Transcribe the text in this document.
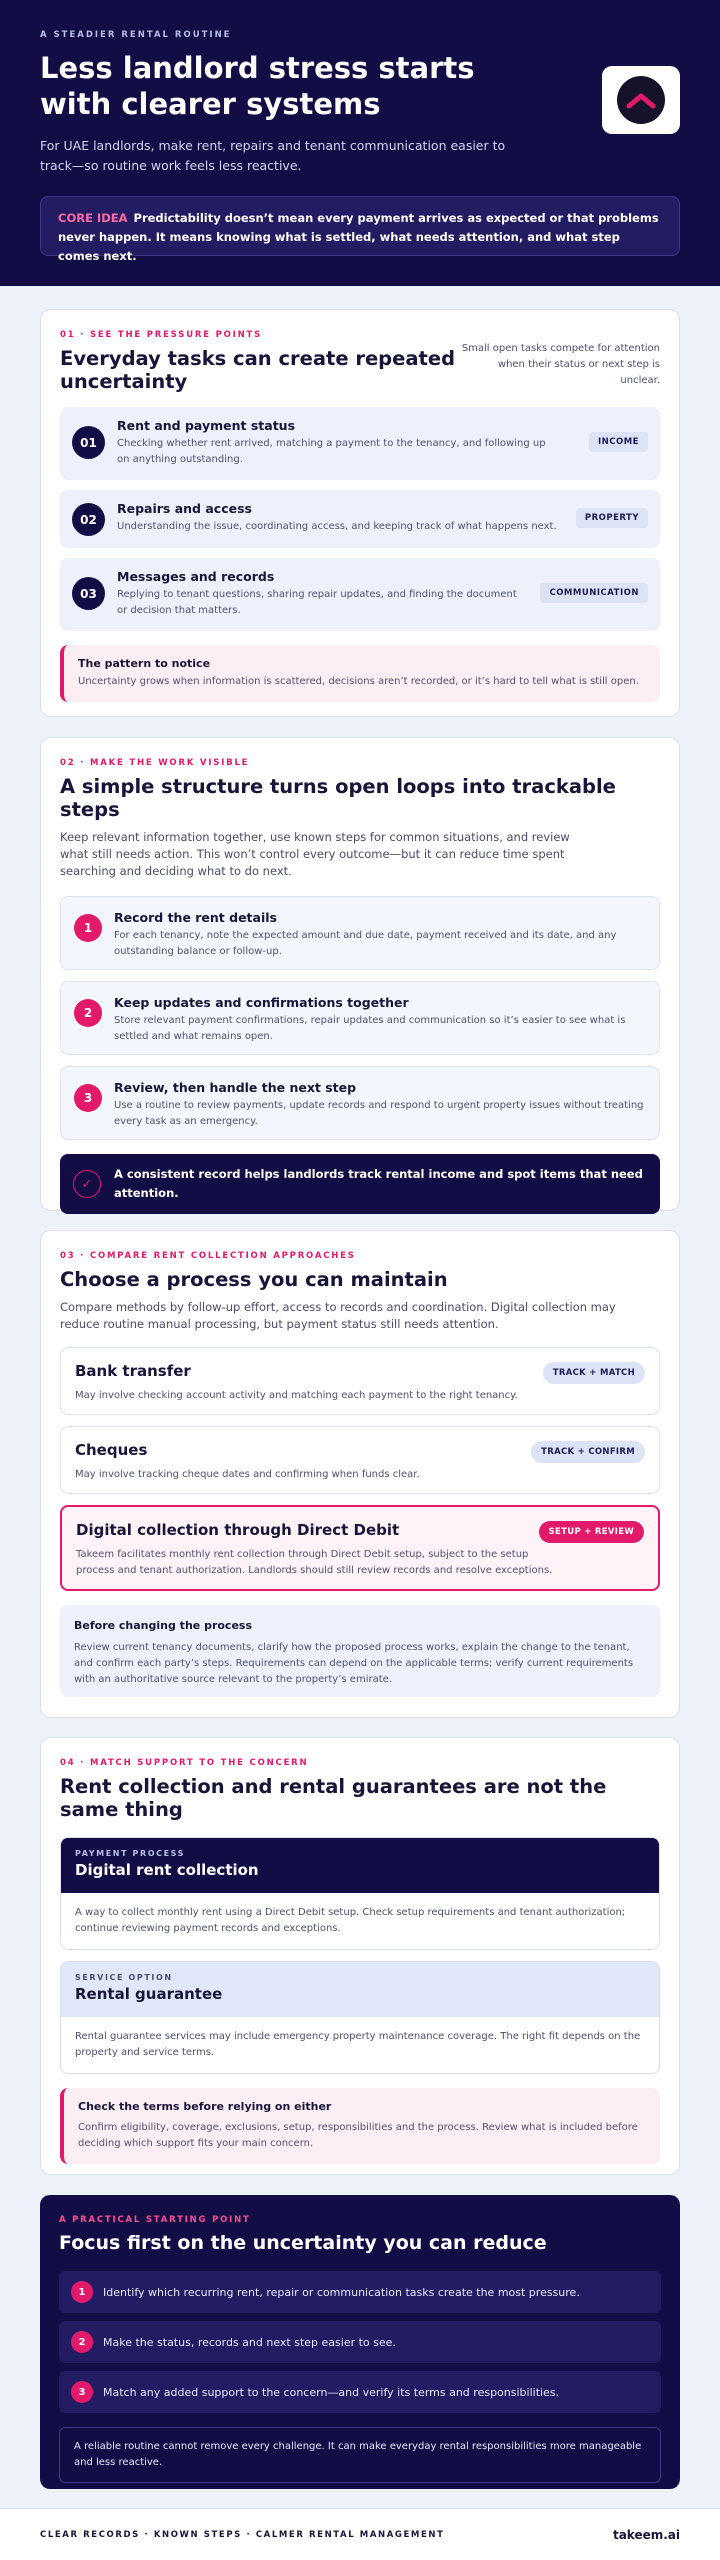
A STEADIER RENTAL ROUTINE
Less landlord stress starts with clearer systems

For UAE landlords, make rent, repairs and tenant communication easier to track—so routine work feels less reactive.

CORE IDEA Predictability doesn’t mean every payment arrives as expected or that problems never happen. It means knowing what is settled, what needs attention, and what step comes next.
01 · SEE THE PRESSURE POINTS
Everyday tasks can create repeated uncertainty
Small open tasks compete for attention when their status or next step is unclear.
01
Rent and payment status
Checking whether rent arrived, matching a payment to the tenancy, and following up on anything outstanding.
INCOME
02
Repairs and access
Understanding the issue, coordinating access, and keeping track of what happens next.
PROPERTY
03
Messages and records
Replying to tenant questions, sharing repair updates, and finding the document or decision that matters.
COMMUNICATION
The pattern to notice
Uncertainty grows when information is scattered, decisions aren’t recorded, or it’s hard to tell what is still open.
02 · MAKE THE WORK VISIBLE
A simple structure turns open loops into trackable steps
Keep relevant information together, use known steps for common situations, and review what still needs action. This won’t control every outcome—but it can reduce time spent searching and deciding what to do next.
1
Record the rent details
For each tenancy, note the expected amount and due date, payment received and its date, and any outstanding balance or follow-up.
2
Keep updates and confirmations together
Store relevant payment confirmations, repair updates and communication so it’s easier to see what is settled and what remains open.
3
Review, then handle the next step
Use a routine to review payments, update records and respond to urgent property issues without treating every task as an emergency.
✓
A consistent record helps landlords track rental income and spot items that need attention.
03 · COMPARE RENT COLLECTION APPROACHES
Choose a process you can maintain
Compare methods by follow-up effort, access to records and coordination. Digital collection may reduce routine manual processing, but payment status still needs attention.
Bank transfer
May involve checking account activity and matching each payment to the right tenancy.
TRACK + MATCH
Cheques
May involve tracking cheque dates and confirming when funds clear.
TRACK + CONFIRM
Digital collection through Direct Debit
Takeem facilitates monthly rent collection through Direct Debit setup, subject to the setup process and tenant authorization. Landlords should still review records and resolve exceptions.
SETUP + REVIEW
Before changing the process
Review current tenancy documents, clarify how the proposed process works, explain the change to the tenant, and confirm each party’s steps. Requirements can depend on the applicable terms; verify current requirements with an authoritative source relevant to the property’s emirate.
04 · MATCH SUPPORT TO THE CONCERN
Rent collection and rental guarantees are not the same thing
PAYMENT PROCESS
Digital rent collection
A way to collect monthly rent using a Direct Debit setup. Check setup requirements and tenant authorization; continue reviewing payment records and exceptions.
SERVICE OPTION
Rental guarantee
Rental guarantee services may include emergency property maintenance coverage. The right fit depends on the property and service terms.
Check the terms before relying on either
Confirm eligibility, coverage, exclusions, setup, responsibilities and the process. Review what is included before deciding which support fits your main concern.
A PRACTICAL STARTING POINT
Focus first on the uncertainty you can reduce
1	Identify which recurring rent, repair or communication tasks create the most pressure.
2	Make the status, records and next step easier to see.
3	Match any added support to the concern—and verify its terms and responsibilities.
A reliable routine cannot remove every challenge. It can make everyday rental responsibilities more manageable and less reactive.
CLEAR RECORDS · KNOWN STEPS · CALMER RENTAL MANAGEMENT	takeem.ai
